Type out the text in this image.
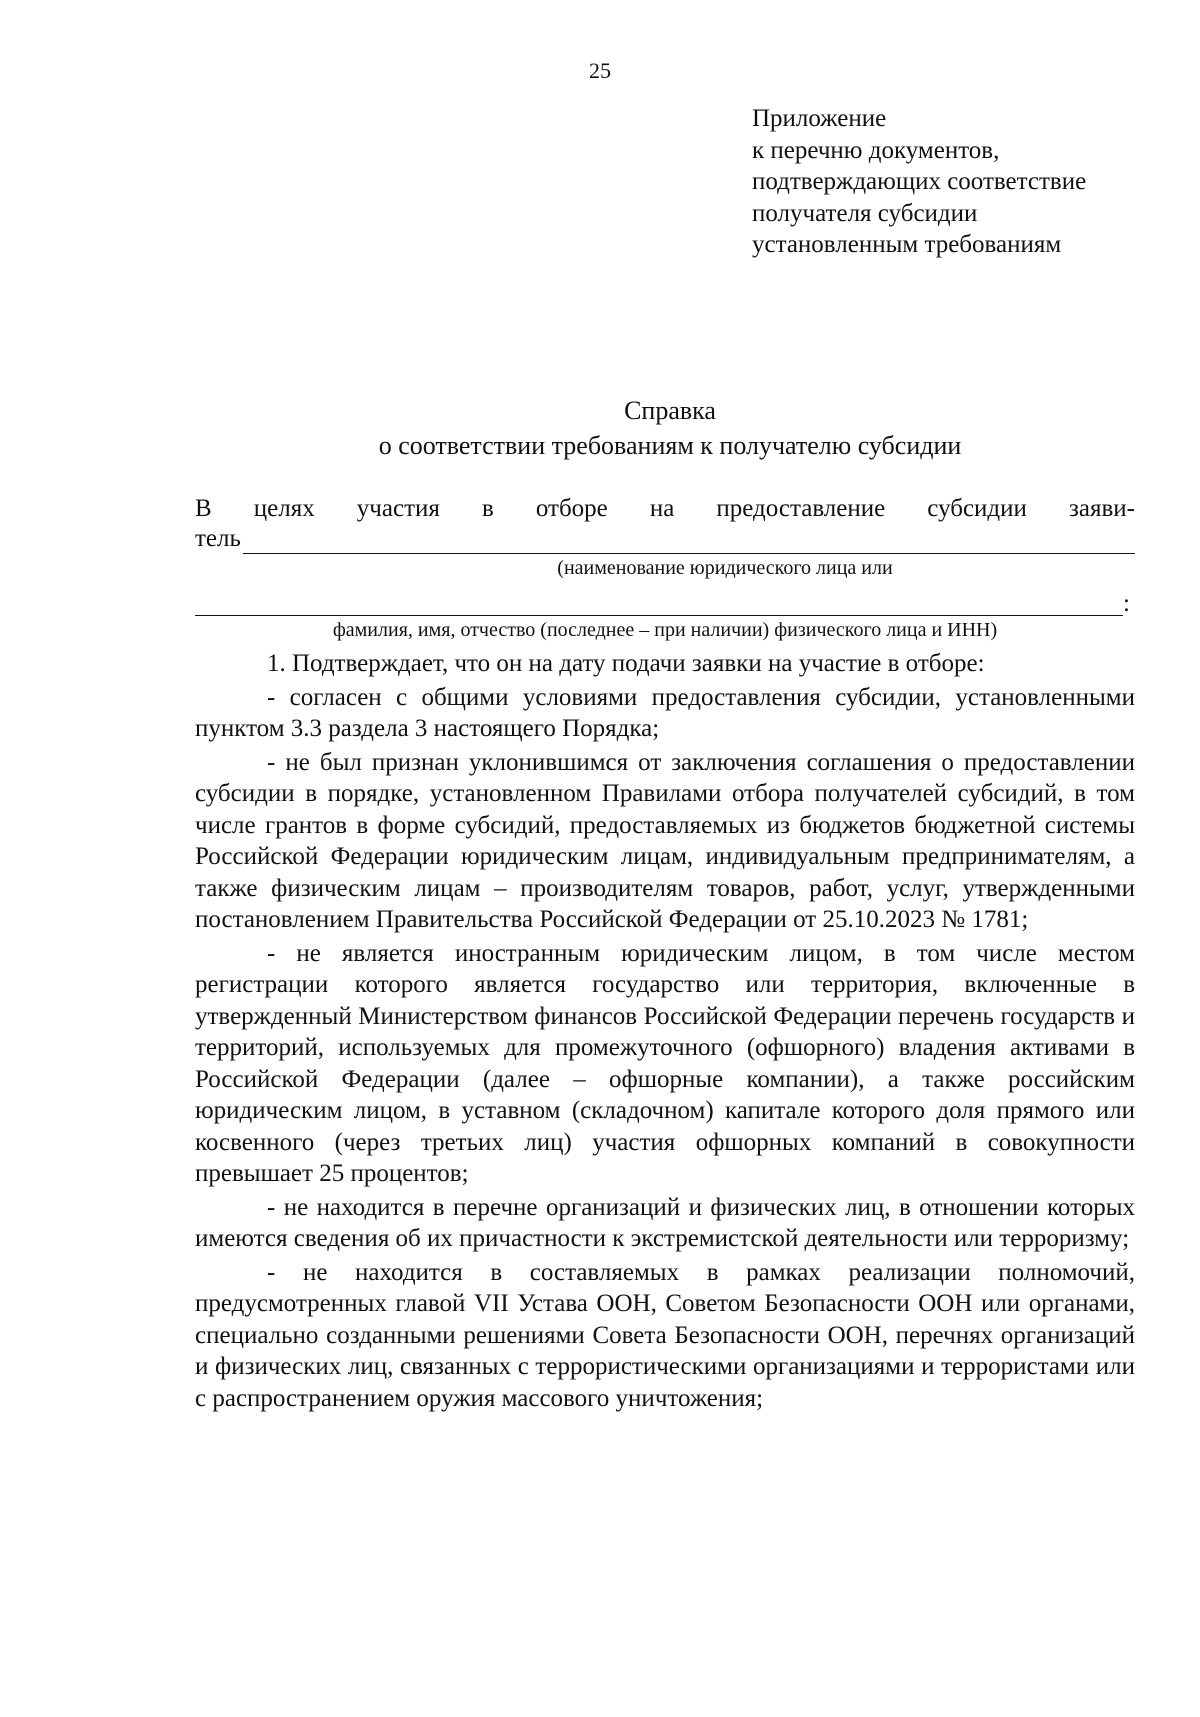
25
Приложение
к перечню документов,
подтверждающих соответствие
получателя субсидии
установленным требованиям
Справка
о соответствии требованиям к получателю субсидии
В целях участия в отборе на предоставление субсидии заяви-
тель
(наименование юридического лица или
:
фамилия, имя, отчество (последнее – при наличии) физического лица и ИНН)

1. Подтверждает, что он на дату подачи заявки на участие в отборе:

- согласен с общими условиями предоставления субсидии, установленными пунктом 3.3 раздела 3 настоящего Порядка;

- не был признан уклонившимся от заключения соглашения о предоставлении субсидии в порядке, установленном Правилами отбора получателей субсидий, в том числе грантов в форме субсидий, предоставляемых из бюджетов бюджетной системы Российской Федерации юридическим лицам, индивидуальным предпринимателям, а также физическим лицам – производителям товаров, работ, услуг, утвержденными постановлением Правительства Российской Федерации от 25.10.2023 № 1781;

- не является иностранным юридическим лицом, в том числе местом регистрации которого является государство или территория, включенные в утвержденный Министерством финансов Российской Федерации перечень государств и территорий, используемых для промежуточного (офшорного) владения активами в Российской Федерации (далее – офшорные компании), а также российским юридическим лицом, в уставном (складочном) капитале которого доля прямого или косвенного (через третьих лиц) участия офшорных компаний в совокупности превышает 25 процентов;

- не находится в перечне организаций и физических лиц, в отношении которых имеются сведения об их причастности к экстремистской деятельности или терроризму;

- не находится в составляемых в рамках реализации полномочий, предусмотренных главой VII Устава ООН, Советом Безопасности ООН или органами, специально созданными решениями Совета Безопасности ООН, перечнях организаций и физических лиц, связанных с террористическими организациями и террористами или с распространением оружия массового уничтожения;
